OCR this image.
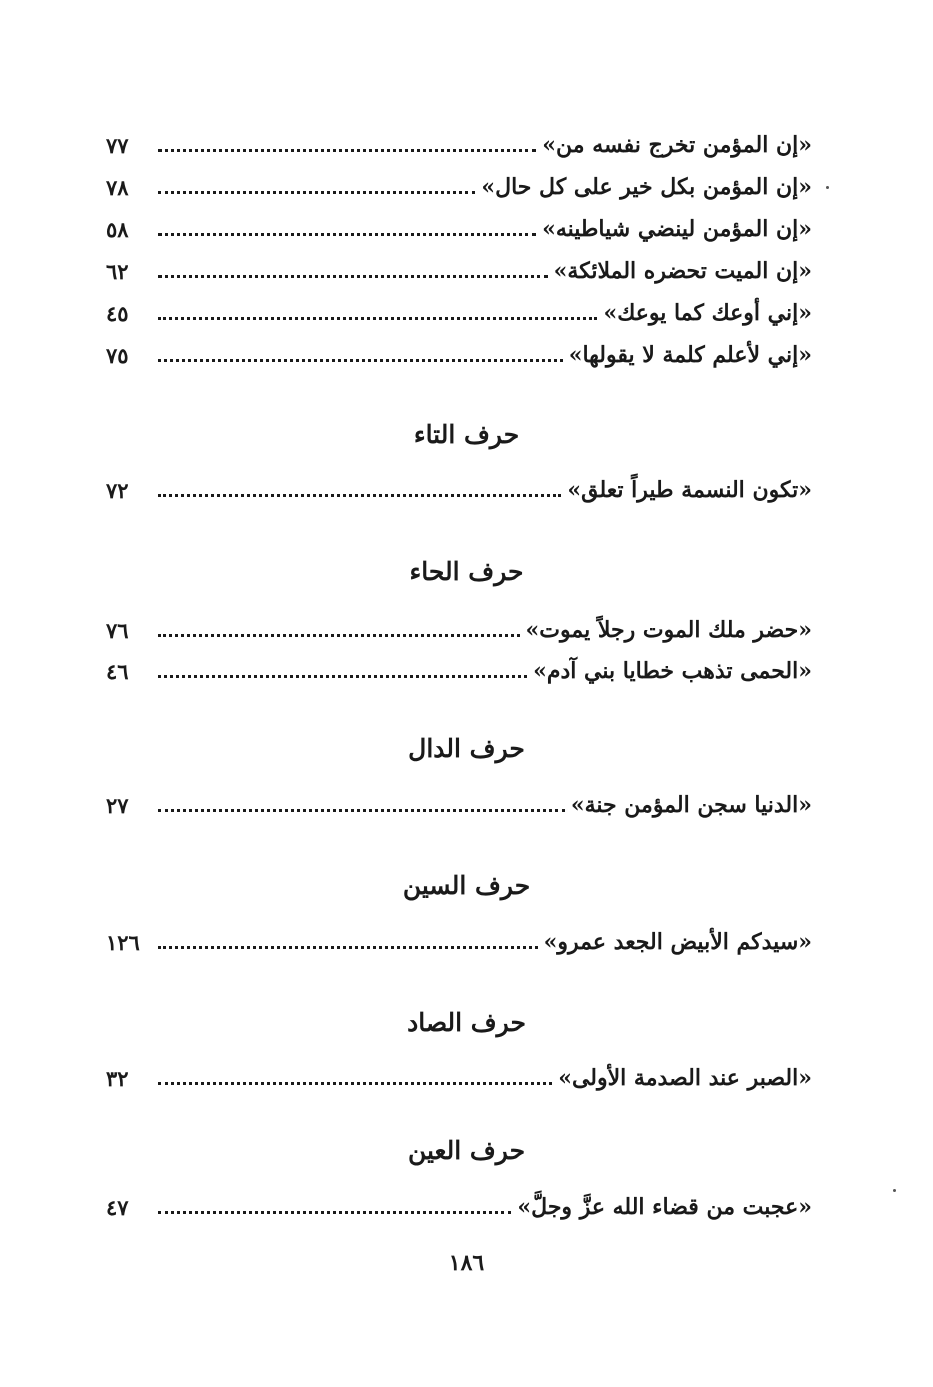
٧٧	«إن المؤمن تخرج نفسه من»
٧٨	«إن المؤمن بكل خير على كل حال»
٥٨	«إن المؤمن لينضي شياطينه»
٦٢	«إن الميت تحضره الملائكة»
٤٥	«إني أوعك كما يوعك»
٧٥	«إني لأعلم كلمة لا يقولها»
حرف التاء
٧٢	«تكون النسمة طيراً تعلق»
حرف الحاء
٧٦	«حضر ملك الموت رجلاً يموت»
٤٦	«الحمى تذهب خطايا بني آدم»
حرف الدال
٢٧	«الدنيا سجن المؤمن جنة»
حرف السين
١٢٦	«سيدكم الأبيض الجعد عمرو»
حرف الصاد
٣٢	«الصبر عند الصدمة الأولى»
حرف العين
٤٧	«عجبت من قضاء الله عزَّ وجلَّ»
١٨٦
